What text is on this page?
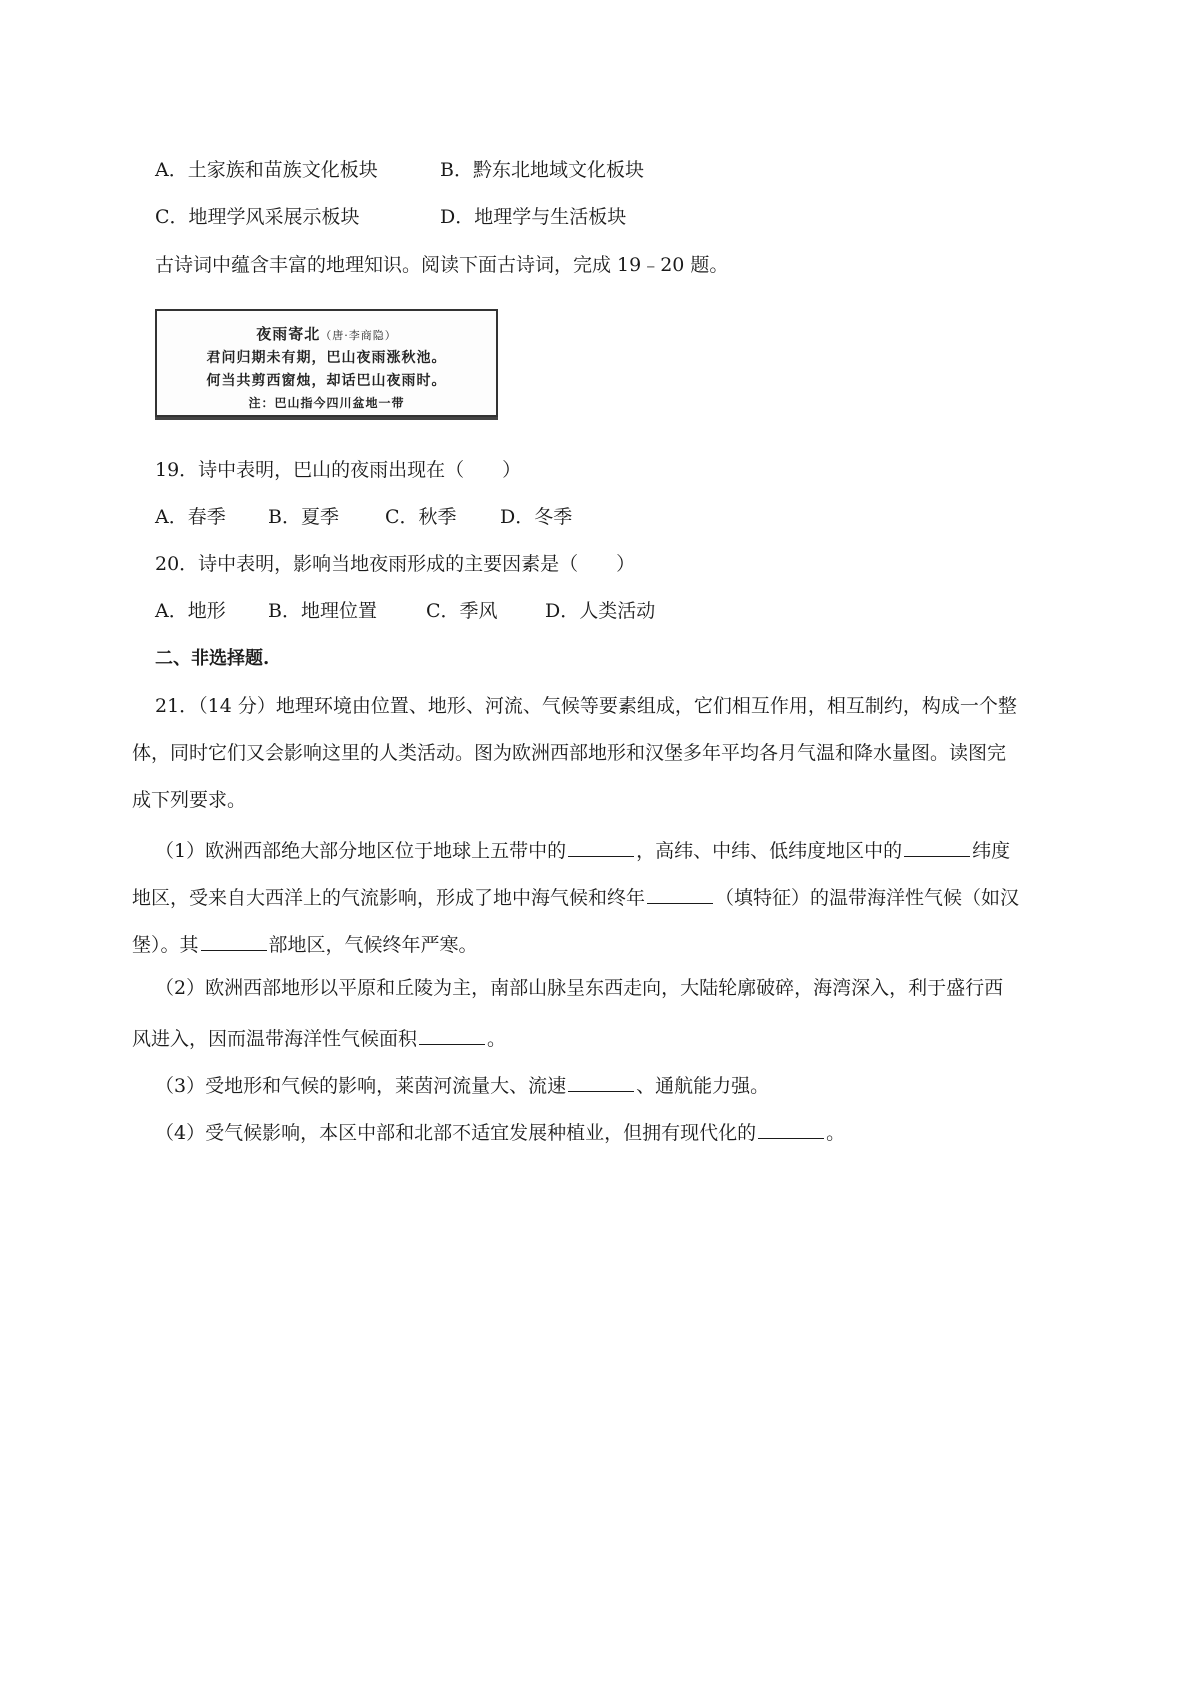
A．土家族和苗族文化板块	B．黔东北地域文化板块
C．地理学风采展示板块	D．地理学与生活板块
古诗词中蕴含丰富的地理知识。阅读下面古诗词，完成 19﹣20 题。
夜雨寄北（唐·李商隐）
君问归期未有期，巴山夜雨涨秋池。
何当共剪西窗烛，却话巴山夜雨时。
注：巴山指今四川盆地一带
19．诗中表明，巴山的夜雨出现在（　　）
A．春季 B．夏季 C．秋季 D．冬季
20．诗中表明，影响当地夜雨形成的主要因素是（　　）
A．地形 B．地理位置	C．季风 D．人类活动
二、非选择题.
21．（14 分）地理环境由位置、地形、河流、气候等要素组成，它们相互作用，相互制约，构成一个整
体，同时它们又会影响这里的人类活动。图为欧洲西部地形和汉堡多年平均各月气温和降水量图。读图完
成下列要求。
（1）欧洲西部绝大部分地区位于地球上五带中的	，高纬、中纬、低纬度地区中的	纬度
地区，受来自大西洋上的气流影响，形成了地中海气候和终年	（填特征）的温带海洋性气候（如汉
堡）。其	部地区，气候终年严寒。
（2）欧洲西部地形以平原和丘陵为主，南部山脉呈东西走向，大陆轮廓破碎，海湾深入，利于盛行西
风进入，因而温带海洋性气候面积	。
（3）受地形和气候的影响，莱茵河流量大、流速	、通航能力强。
（4）受气候影响，本区中部和北部不适宜发展种植业，但拥有现代化的	。
